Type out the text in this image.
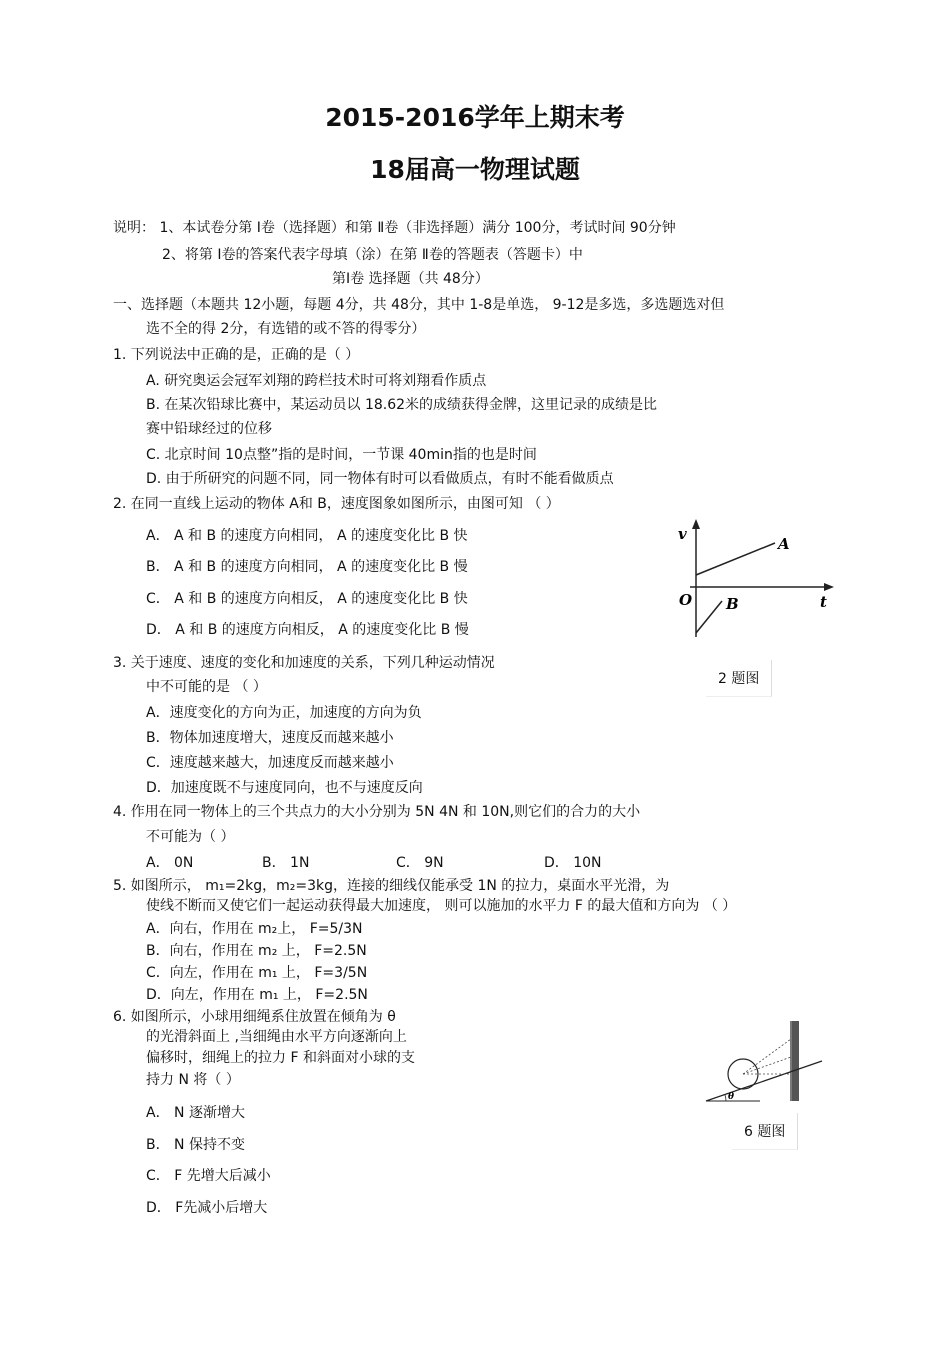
2015-2016学年上期末考
18届高一物理试题
说明： 1、本试卷分第 Ⅰ卷（选择题）和第 Ⅱ卷（非选择题）满分 100分，考试时间 90分钟
2、将第 Ⅰ卷的答案代表字母填（涂）在第 Ⅱ卷的答题表（答题卡）中
第Ⅰ卷 选择题（共 48分）
一、选择题（本题共 12小题，每题 4分，共 48分，其中 1-8是单选， 9-12是多选，多选题选对但
选不全的得 2分，有选错的或不答的得零分）
1. 下列说法中正确的是，正确的是（ ）
A. 研究奥运会冠军刘翔的跨栏技术时可将刘翔看作质点
B. 在某次铅球比赛中，某运动员以 18.62米的成绩获得金牌，这里记录的成绩是比
赛中铅球经过的位移
C. 北京时间 10点整”指的是时间，一节课 40min指的也是时间
D. 由于所研究的问题不同，同一物体有时可以看做质点，有时不能看做质点
2. 在同一直线上运动的物体 A和 B，速度图象如图所示，由图可知 （ ）
A． A 和 B 的速度方向相同， A 的速度变化比 B 快
B． A 和 B 的速度方向相同， A 的速度变化比 B 慢
C． A 和 B 的速度方向相反， A 的速度变化比 B 快
D． A 和 B 的速度方向相反， A 的速度变化比 B 慢
v
t
O
A
B
2 题图
3. 关于速度、速度的变化和加速度的关系，下列几种运动情况
中不可能的是 （ ）
A．速度变化的方向为正，加速度的方向为负
B．物体加速度增大，速度反而越来越小
C．速度越来越大，加速度反而越来越小
D．加速度既不与速度同向，也不与速度反向
4. 作用在同一物体上的三个共点力的大小分别为 5N 4N 和 10N,则它们的合力的大小
不可能为（ ）
A． 0N	B． 1N	C． 9N	D． 10N
5. 如图所示， m₁=2kg，m₂=3kg，连接的细线仅能承受 1N 的拉力，桌面水平光滑，为
使线不断而又使它们一起运动获得最大加速度， 则可以施加的水平力 F 的最大值和方向为 （ ）
A．向右，作用在 m₂上， F=5/3N
B．向右，作用在 m₂ 上， F=2.5N
C．向左，作用在 m₁ 上， F=3/5N
D．向左，作用在 m₁ 上， F=2.5N
6. 如图所示，小球用细绳系住放置在倾角为 θ
的光滑斜面上 ,当细绳由水平方向逐渐向上
偏移时，细绳上的拉力 F 和斜面对小球的支
持力 N 将（ ）
A． N 逐渐增大
B． N 保持不变
C． F 先增大后减小
D． F先减小后增大
θ
6 题图
